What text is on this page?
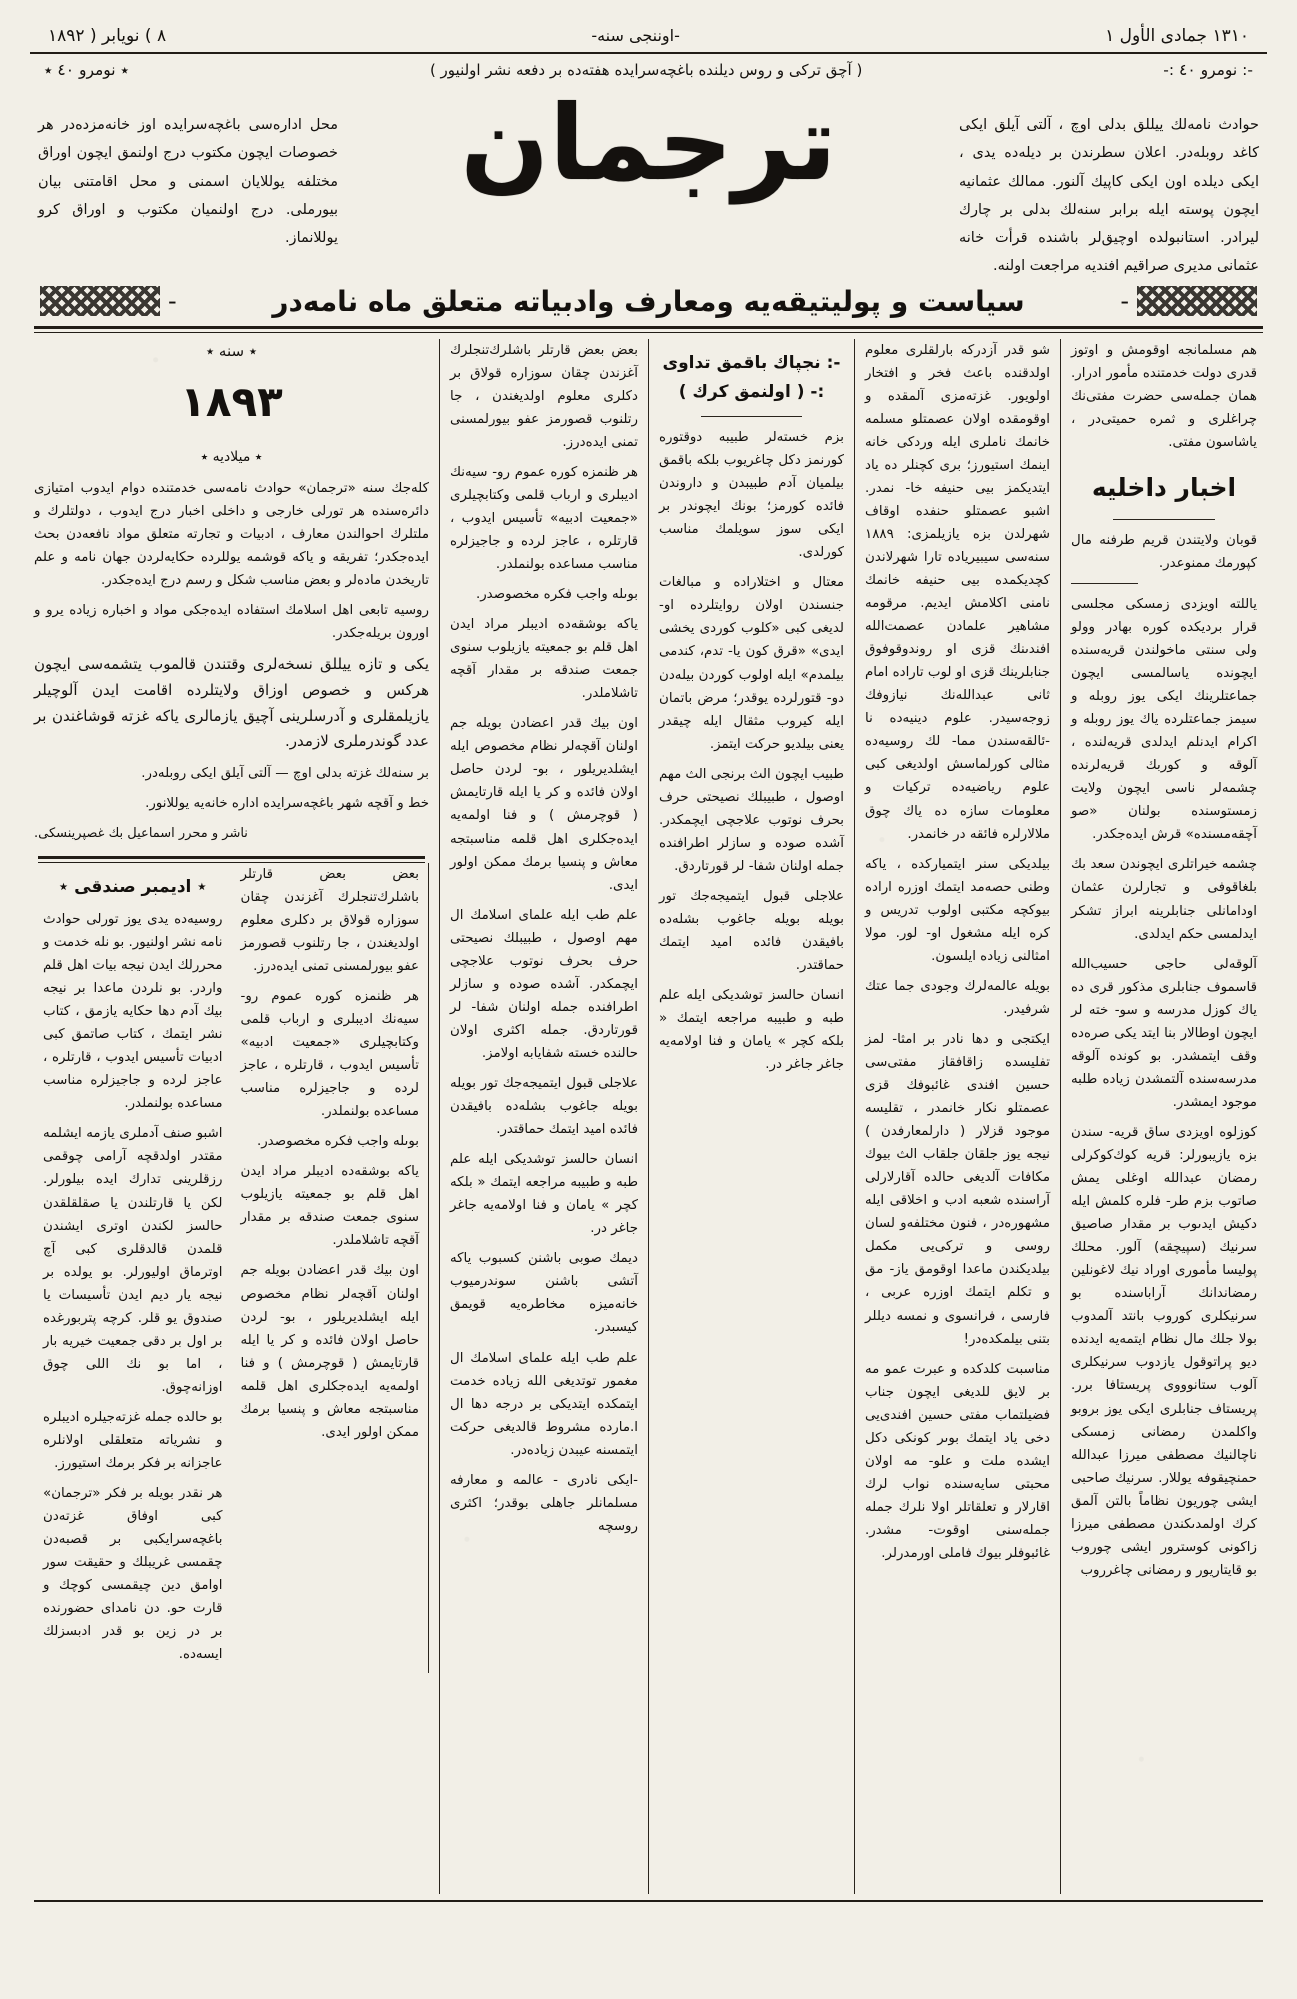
١٣١٠ جمادى الأول ١
-اوننجى سنه-
٨ ) نويابر ( ١٨٩٢
-: نومرو ٤٠ :-
( آچق تركى و روس ديلنده باغچه‌سرايده هفته‌ده بر دفعه نشر اولنيور )
٭ نومرو ٤٠ ٭
حوادث نامه‌لك ييللق بدلى اوچ ، آلتى آيلق ايكى كاغد روبله‌در. اعلان سطرندن بر ديله‌ده يدى ، ايكى ديلده اون ايكى كاپيك آلنور. ممالك عثمانيه ايچون پوسته ايله برابر سنه‌لك بدلى بر چارك ليرادر. استانبولده اوچيق‌لر باشنده قرأت خانه عثمانى مديرى صراقيم افنديه مراجعت اولنه.
ترجمان
محل اداره‌سى باغچه‌سرايده اوز خانه‌مزده‌در هر خصوصات ايچون مكتوب درج اولنمق ايچون اوراق مختلفه يوللايان اسمنى و محل اقامتنى بيان بيورملى. درج اولنميان مكتوب و اوراق كرو يوللانماز.
-
سياست و پوليتيقه‌يه ومعارف وادبياته متعلق ماه نامه‌در
-

هم مسلمانجه اوقومش و اوتوز قدرى دولت خدمتنده مأمور ادرار. همان جمله‌سى حضرت مفتى‌نك چراغلرى و ثمره حميتى‌در ، ياشاسون مفتى.

اخبار داخليه

قوبان ولايتندن قريم طرفنه مال كپورمك ممنوعدر.

ياللته اويزدى زمسكى مجلسى قرار برديكده كوره بهادر وولو ولى سنتى ماخولندن قريه‌سنده ايچونده ياسالمسى ايچون جماعتلرينك ايكى يوز روبله و سيمز جماعتلرده ياك يوز روبله و اكرام ايدنلم ايدلدى قريه‌لنده ، آلوقه و كوربك قريه‌لرنده چشمه‌لر ناسى ايچون ولايت زمستوسنده بولنان «صو آچقه‌مسنده» قرش ايده‌جكدر.

چشمه خيراتلرى ايچوندن سعد بك بلغاقوفى و تجارلرن عثمان اودامانلى جنابلرينه ابراز تشكر ايدلمسى حكم ايدلدى.

آلوقه‌لى حاجى حسيب‌الله قاسموف جنابلرى مذكور قرى ده ياك كوزل مدرسه و سو- خته لر ايچون اوطا‌لار بنا ايتد يكى صره‌ده وقف ايتمشدر. بو كونده آلوقه مدرسه‌سنده آلتمشدن زياده طلبه موجود ايمشدر.

كوزلوه اويزدى ساق قريه- سندن بزه يازيبورلر: قريه كوك‌كوكرلى رمضان عبدالله اوغلى يمش صاتوب بزم طر- فلره كلمش ايله دكيش ايدىوب بر مقدار صاصيق سرنيك (سپيچقه) آلور. محلك پوليسا مأمورى اوراد نيك لاغونلين رمضاندانك آراباسنده بو سرنيكلرى كوروب بانتد آلمدوب بولا جلك مال نظام ايتمه‌يه ايدنده ديو پراتوقول يازدوب سرنيكلرى آلوب ستانوووى پريستافا برر. پريستاف جنابلرى ايكى يوز بروبو واكلمدن رمضانى زمسكى ناچالنيك مصطفى ميرزا عبدالله حمنچيقوفه يوللار. سرنيك صاحبى ايشى چوريون نظاماً بالتن آلمق كرك اولمدىكندن مصطفى ميرزا زاكونى كوسترور ايشى چوروب بو قايتاريور و رمضانى چاغرروب

شو قدر آزدركه بارلقلرى معلوم اولدقنده باعث فخر و افتخار اولويور. غزته‌مزى آلمقده و اوقومقده اولان عصمتلو مسلمه خانمك ناملرى ايله وردكى خانه اينمك استيورز؛ برى كچنلر ده ياد ايتديكمز بيى حنيفه خا- نمدر. اشبو عصمتلو حنفده اوقاف شهرلدن بزه يازيلمزى: ١٨٨٩ سنه‌سى سيبيرياده تارا شهرلاندن كچديكمده بيى حنيفه خانمك نامنى اكلامش ايديم. مرقومه مشاهير علمادن عصمت‌الله افندىنك قزى او روندوقوفوق جنابلرينك قزى او لوب تاراده امام ثانى عبدالله‌نك نيازوفك زوجه‌سيدر. علوم دينيه‌ده نا -ئالقه‌سندن مما- لك روسيه‌ده مثالى كورلماسش اولديغى كبى علوم رياضيه‌ده تركيات و معلومات سازه ده ياك چوق ملالارلره فائقه در خانمدر.

بيلديكى سنر ايتمياركده ، ياكه وطنى حصه‌مد ايتمك اوزره اراده بيوكچه مكتبى اولوب تدريس و كره ايله مشغول او- لور. مولا امثالنى زياده ايلسون.

بويله عالمه‌لرك وجودى جما عتك شرفيدر.

ايكتجى و دها نادر بر امثا- لمز تفليسده زاقافقاز مفتى‌سى حسين افندى غائبوفك قزى عصمتلو نكار خانمدر ، تقليسه موجود قزلار ( دارلمعارفدن ) نيجه يوز جلقان جلقاب الث بيوك مكافات آلديغى حالده آقارلارلى آراسنده شعبه ادب و اخلاقى ايله مشهوره‌در ، فنون مختلفه‌و لسان روسى و تركى‌يى مكمل بيلديكندن ماعدا اوقومق ياز- مق و تكلم ايتمك اوزره عربى ، فارسى ، فرانسوى و نمسه ديللر بتنى بيلمكده‌در!

مناسبت كلدكده و عبرت عمو مه بر لايق للديغى ايچون جناب فضيلتماب مفتى حسين افندى‌يى دخى ياد ايتمك بوىر كونكى دكل ايشده ملت و علو- مه اولان محبتى سايه‌سنده نواب لرك اقارلار و تعلقاتلر اولا نلرك جمله جمله‌سنى اوقوت- مشدر. غائبوفلر بيوك فاملى اورمدرلر.

-: نجپاك باقمق تداوى :- ( اولنمق كرك )

بزم خسته‌لر طبيبه دوقتوره كورنمز دكل چاغريوب بلكه باقمق بيلميان آدم طبيبدن و داروندن فائده كورمز؛ بونك ايچوندر بر ايكى سوز سويلمك مناسب كورلدى.

معتال و اختلاراده و مبالغات جنسندن اولان روايتلرده او- لديغى كبى «كلوب كوردى يخشى ايدى» «قرق كون يا- تدم، كندمى بيلمدم» ايله اولوب كوردن بيله‌دن دو- قتورلرده يوقدر؛ مرض باتمان ايله كيروب مثقال ايله چيقدر يعنى بيلديو حركت ايتمز.

طبيب ايچون الث برنجى الث مهم اوصول ، طبيبلك نصيحتى حرف بحرف نوتوب علاجچى ايچمكدر. آشده صوده و سازلر اطرافنده جمله اولنان شفا- لر قورتاردق.

علاجلى قبول ايتميجه‌جك تور بويله بويله جاغوب بشله‌ده بافيقدن فائده اميد ايتمك حماقتدر.

انسان حالسز توشديكى ايله علم طبه و طبيبه مراجعه ايتمك « بلكه كچر » يامان و فنا اولامه‌يه جاغر جاغر در.

بعض بعض قارتلر باشلرك‌تنجلرك آغزندن چقان سوزاره قولاق بر دكلرى معلوم اولديغندن ، جا رتلنوب قصورمز عفو بيورلمسنى تمنى ايده‌درز.

هر ظنمزه كوره عموم رو- سيه‌نك اديبلرى و ارباب قلمى وكتابچيلرى «جمعيت ادبيه» تأسيس ايدوب ، قارتلره ، عاجز لرده و جاجيزلره مناسب مساعده بولنملدر.

بوىله واجب فكره مخصوصدر.

ياكه بوشقه‌ده اديبلر مراد ايدن اهل قلم بو جمعيته يازيلوب سنوى جمعت صندقه بر مقدار آقچه تاشلاملدر.

اون بيك قدر اعضادن بويله جم اولنان آقچه‌لر نظام مخصوص ايله ايشلديريلور ، بو- لردن حاصل اولان فائده و كر يا ايله قارتايمش ( قوچرمش ) و فنا اولمه‌يه ايده‌جكلرى اهل قلمه مناسبتجه معاش و پنسيا برمك ممكن اولور ايدى.

علم طب ايله علماى اسلامك ال مهم اوصول ، طبيبلك نصيحتى حرف بحرف نوتوب علاجچى ايچمكدر. آشده صوده و سازلر اطرافنده جمله اولنان شفا- لر قورتاردق. جمله اكثرى اولان حالنده خسته شفايابه اولامز.

علاجلى قبول ايتميجه‌جك تور بويله بويله جاغوب بشله‌ده بافيقدن فائده اميد ايتمك حماقتدر.

انسان حالسز توشديكى ايله علم طبه و طبيبه مراجعه ايتمك « بلكه كچر » يامان و فنا اولامه‌يه جاغر جاغر در.

ديمك صوبى باشنن كسبوب ياكه آتشى باشنن سوندرميوب خانه‌ميزه مخاطره‌يه قويمق كيسبدر.

علم طب ايله علماى اسلامك ال مغمور توتديغى الله زياده خدمت ايتمكده ايتديكى بر درجه دها ال ا.مارده مشروط قالديغى حركت ايتمسنه عيبدن زياده‌در.

-ايكى نادرى - عالمه و معارفه مسلمانلر جاهلى بوقدر؛ اكثرى روسچه

٭ سنه ٭
١٨٩٣
٭ ميلاديه ٭

كله‌جك سنه «ترجمان» حوادث نامه‌سى خدمتنده دوام ايدوب امتيازى دائره‌سنده هر تورلى خارجى و داخلى اخبار درج ايدوب ، دولتلرك و ملتلرك احوالندن معارف ، ادبيات و تجارته متعلق مواد نافعه‌دن بحث ايده‌جكدر؛ تفريقه و ياكه قوشمه يوللرده حكايه‌لردن جهان نامه و علم تاريخدن ماده‌لر و بعض مناسب شكل و رسم درج ايده‌جكدر.

روسيه تابعى اهل اسلامك استفاده ايده‌جكى مواد و اخباره زياده يرو و اورون بريله‌جكدر.

يكى و تازه ييللق نسخه‌لرى وقتندن قالموب يتشمه‌سى ايچون هركس و خصوص اوزاق ولايتلرده اقامت ايدن آلوچيلر يازيلمقلرى و آدرسلرينى آچيق يازمالرى ياكه غزته قوشاغندن بر عدد گوندرملرى لازمدر.

بر سنه‌لك غزته بدلى اوچ — آلتى آيلق ايكى روبله‌در.

خط و آقچه شهر باغچه‌سرايده اداره خانه‌يه يوللانور.

ناشر و محرر اسماعيل بك غصپرينسكى.

بعض بعض قارتلر باشلرك‌تنجلرك آغزندن چقان سوزاره قولاق بر دكلرى معلوم اولديغندن ، جا رتلنوب قصورمز عفو بيورلمسنى تمنى ايده‌درز.

هر ظنمزه كوره عموم رو- سيه‌نك اديبلرى و ارباب قلمى وكتابچيلرى «جمعيت ادبيه» تأسيس ايدوب ، قارتلره ، عاجز لرده و جاجيزلره مناسب مساعده بولنملدر.

بوىله واجب فكره مخصوصدر.

ياكه بوشقه‌ده اديبلر مراد ايدن اهل قلم بو جمعيته يازيلوب سنوى جمعت صندقه بر مقدار آقچه تاشلاملدر.

اون بيك قدر اعضادن بويله جم اولنان آقچه‌لر نظام مخصوص ايله ايشلديريلور ، بو- لردن حاصل اولان فائده و كر يا ايله قارتايمش ( قوچرمش ) و فنا اولمه‌يه ايده‌جكلرى اهل قلمه مناسبتجه معاش و پنسيا برمك ممكن اولور ايدى.

٭ اديمبر صندقى ٭

روسيه‌ده يدى يوز تورلى حوادث نامه نشر اولنيور. بو نله خدمت و محررلك ايدن نيجه بيات اهل قلم واردر. بو نلردن ماعدا بر نيجه بيك آدم دها حكايه يازمق ، كتاب نشر ايتمك ، كتاب صاتمق كبى ادبيات تأسيس ايدوب ، قارتلره ، عاجز لرده و جاجيزلره مناسب مساعده بولنملدر.

اشبو صنف آدملرى يازمه ايشلمه مقتدر اولدقچه آرامى چوقمى رزقلرينى تدارك ايده بيلورلر. لكن يا قارتلندن يا صقلقلقدن حالسز لكندن اوترى ايشندن قلمدن قالدقلرى كبى آچ اوترماق اوليورلر. بو يولده بر نيجه يار ديم ايدن تأسيسات يا صندوق يو قلر. كرچه پتربورغده بر اول بر دقى جمعيت خيريه بار ، اما بو نك اللى چوق اوزانه‌چوق.

بو حالده جمله غزته‌جيلره اديبلره و نشرياته متعلقلى اولانلره عاجزانه بر فكر برمك استيورز.

هر نقدر بويله بر فكر «ترجمان» كبى اوفاق غزته‌دن باغچه‌سرايكبى بر قصبه‌دن چقمسى غريبلك و حقيقت سور اوامق دين چيقمسى كوچك و قارت حو. دن نامداى حضورنده بر در زين بو قدر ادبسزلك ايسه‌ده.
